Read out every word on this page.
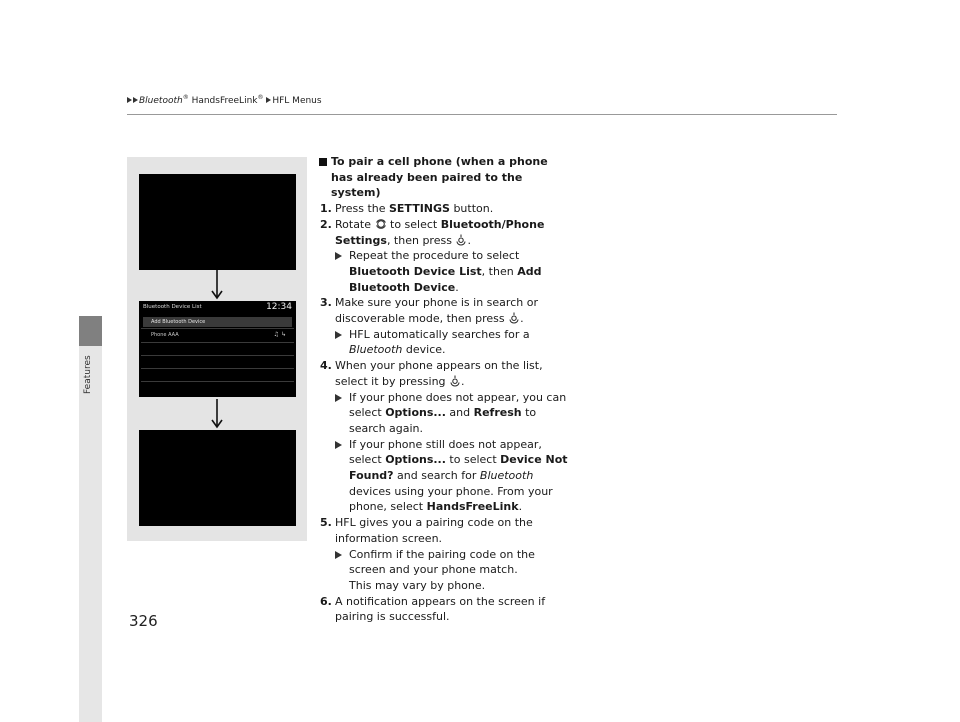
Bluetooth® HandsFreeLink® HFL Menus
Features
326
Bluetooth Device List	12:34
Add Bluetooth Device
Phone AAA	♫ ↳
To pair a cell phone (when a phone has already been paired to the system)
1. Press the SETTINGS button.
2. Rotate  to select Bluetooth/Phone Settings, then press .
Repeat the procedure to select Bluetooth Device List, then Add Bluetooth Device.
3. Make sure your phone is in search or discoverable mode, then press .
HFL automatically searches for a Bluetooth device.
4. When your phone appears on the list, select it by pressing .
If your phone does not appear, you can select Options... and Refresh to search again.
If your phone still does not appear, select Options... to select Device Not Found? and search for Bluetooth devices using your phone. From your phone, select HandsFreeLink.
5. HFL gives you a pairing code on the information screen.
Confirm if the pairing code on the screen and your phone match.
This may vary by phone.
6. A notification appears on the screen if pairing is successful.
